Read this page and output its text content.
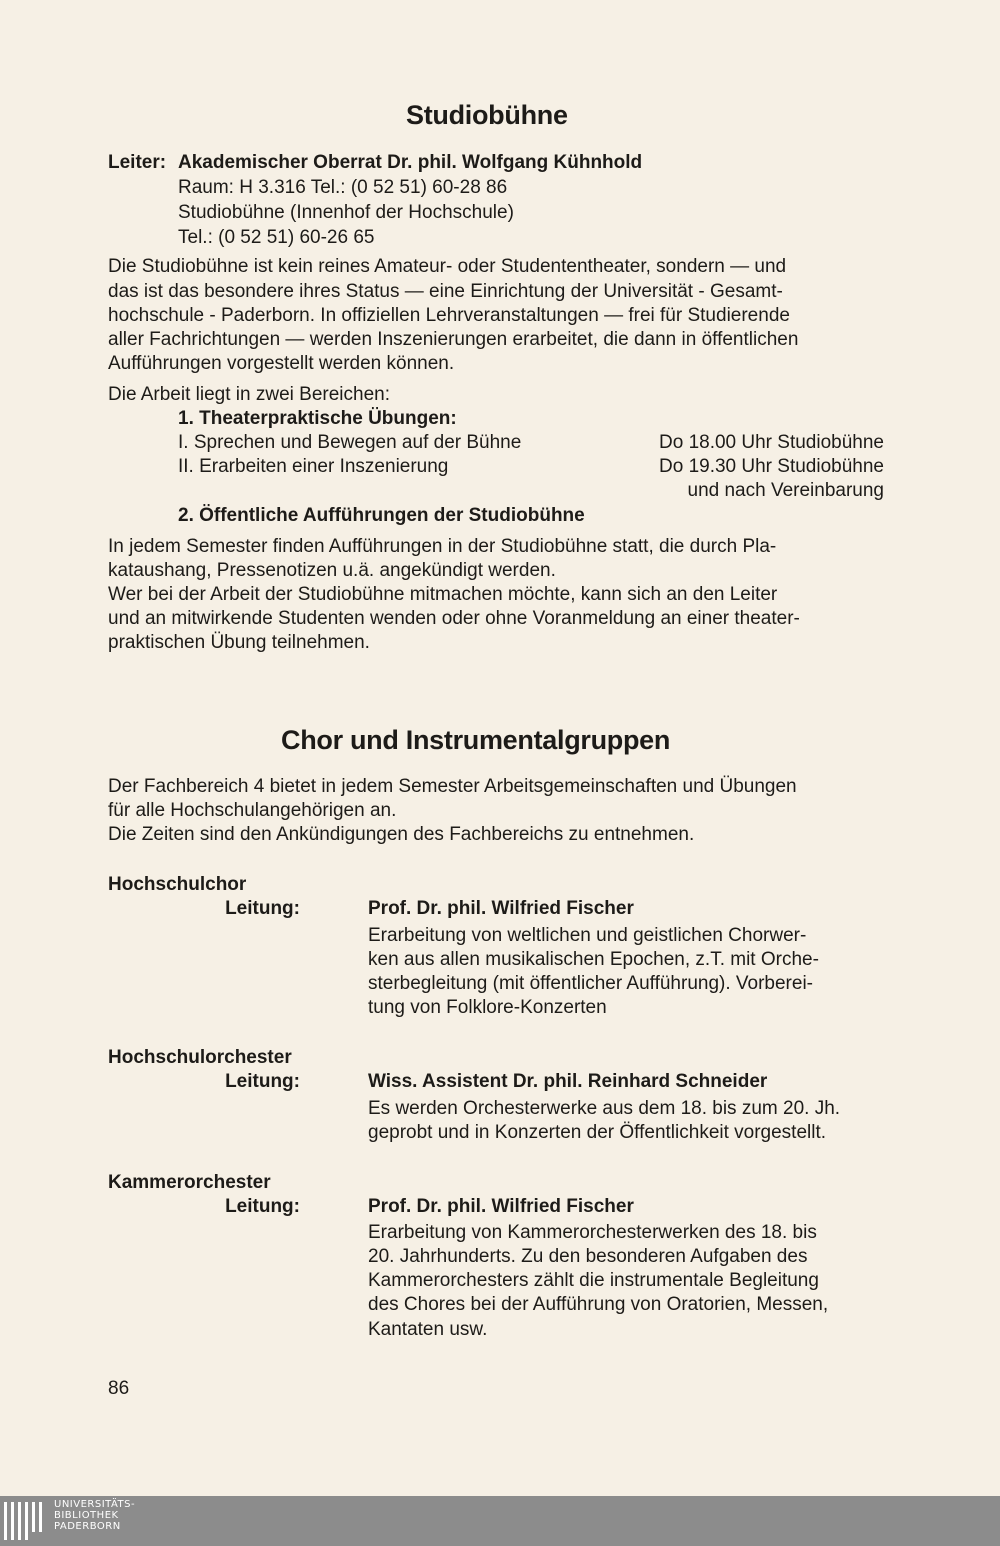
Studiobühne
Leiter: Akademischer Oberrat Dr. phil. Wolfgang Kühnhold
Raum: H 3.316 Tel.: (0 52 51) 60-28 86
Studiobühne (Innenhof der Hochschule)
Tel.: (0 52 51) 60-26 65
Die Studiobühne ist kein reines Amateur- oder Studententheater, sondern — und
das ist das besondere ihres Status — eine Einrichtung der Universität - Gesamt-
hochschule - Paderborn. In offiziellen Lehrveranstaltungen — frei für Studierende
aller Fachrichtungen — werden Inszenierungen erarbeitet, die dann in öffentlichen
Aufführungen vorgestellt werden können.
Die Arbeit liegt in zwei Bereichen:
1. Theaterpraktische Übungen:
I. Sprechen und Bewegen auf der Bühne	Do 18.00 Uhr Studiobühne
II. Erarbeiten einer Inszenierung	Do 19.30 Uhr Studiobühne
und nach Vereinbarung
2. Öffentliche Aufführungen der Studiobühne
In jedem Semester finden Aufführungen in der Studiobühne statt, die durch Pla-
kataushang, Pressenotizen u.ä. angekündigt werden.
Wer bei der Arbeit der Studiobühne mitmachen möchte, kann sich an den Leiter
und an mitwirkende Studenten wenden oder ohne Voranmeldung an einer theater-
praktischen Übung teilnehmen.
Chor und Instrumentalgruppen
Der Fachbereich 4 bietet in jedem Semester Arbeitsgemeinschaften und Übungen
für alle Hochschulangehörigen an.
Die Zeiten sind den Ankündigungen des Fachbereichs zu entnehmen.
Hochschulchor
Leitung:	Prof. Dr. phil. Wilfried Fischer
Erarbeitung von weltlichen und geistlichen Chorwer-
ken aus allen musikalischen Epochen, z.T. mit Orche-
sterbegleitung (mit öffentlicher Aufführung). Vorberei-
tung von Folklore-Konzerten
Hochschulorchester
Leitung:	Wiss. Assistent Dr. phil. Reinhard Schneider
Es werden Orchesterwerke aus dem 18. bis zum 20. Jh.
geprobt und in Konzerten der Öffentlichkeit vorgestellt.
Kammerorchester
Leitung:	Prof. Dr. phil. Wilfried Fischer
Erarbeitung von Kammerorchesterwerken des 18. bis
20. Jahrhunderts. Zu den besonderen Aufgaben des
Kammerorchesters zählt die instrumentale Begleitung
des Chores bei der Aufführung von Oratorien, Messen,
Kantaten usw.
86
UNIVERSITÄTS-
BIBLIOTHEK
PADERBORN
